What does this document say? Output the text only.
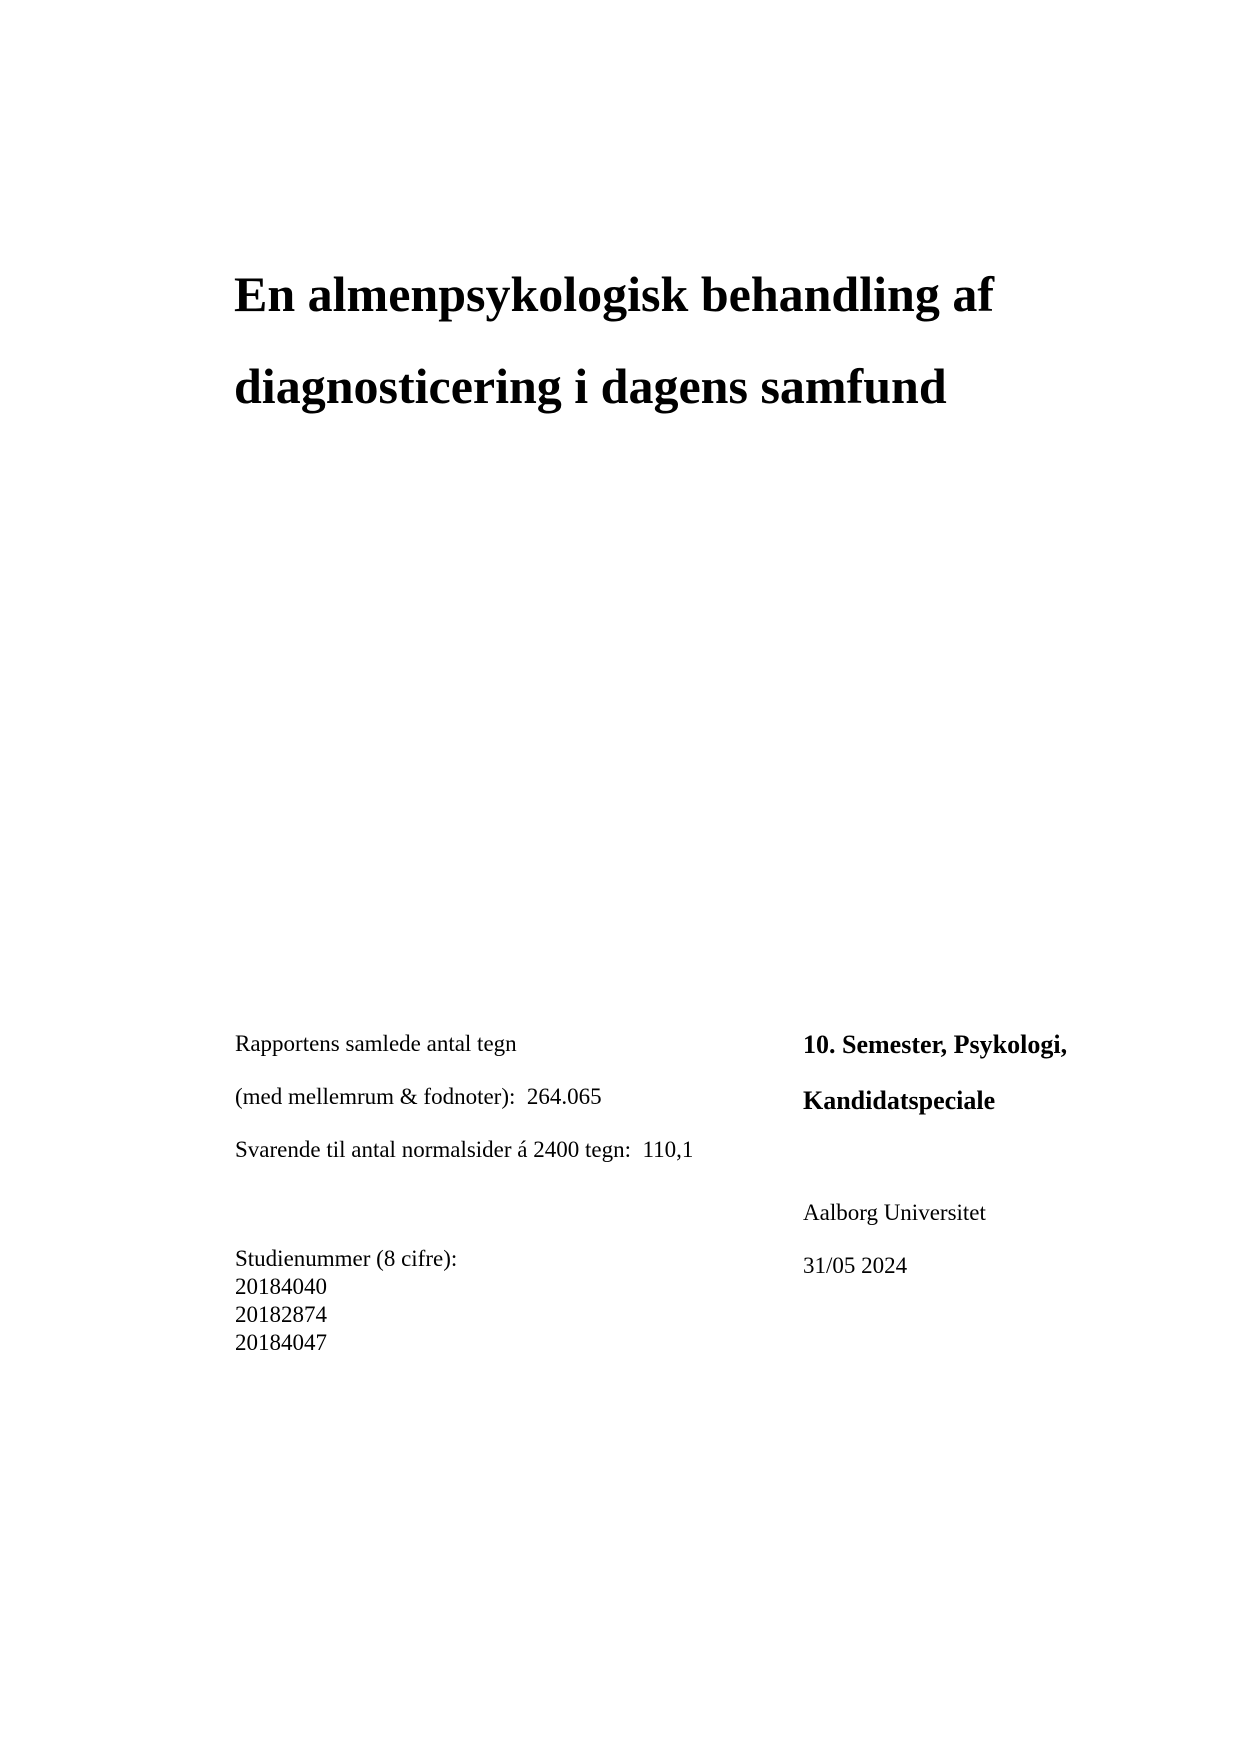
En almenpsykologisk behandling af
diagnosticering i dagens samfund

Rapportens samlede antal tegn

(med mellemrum & fodnoter):  264.065

Svarende til antal normalsider á 2400 tegn:  110,1

Studienummer (8 cifre):
20184040
20182874
20184047
10. Semester, Psykologi,
Kandidatspeciale
Aalborg Universitet
31/05 2024
